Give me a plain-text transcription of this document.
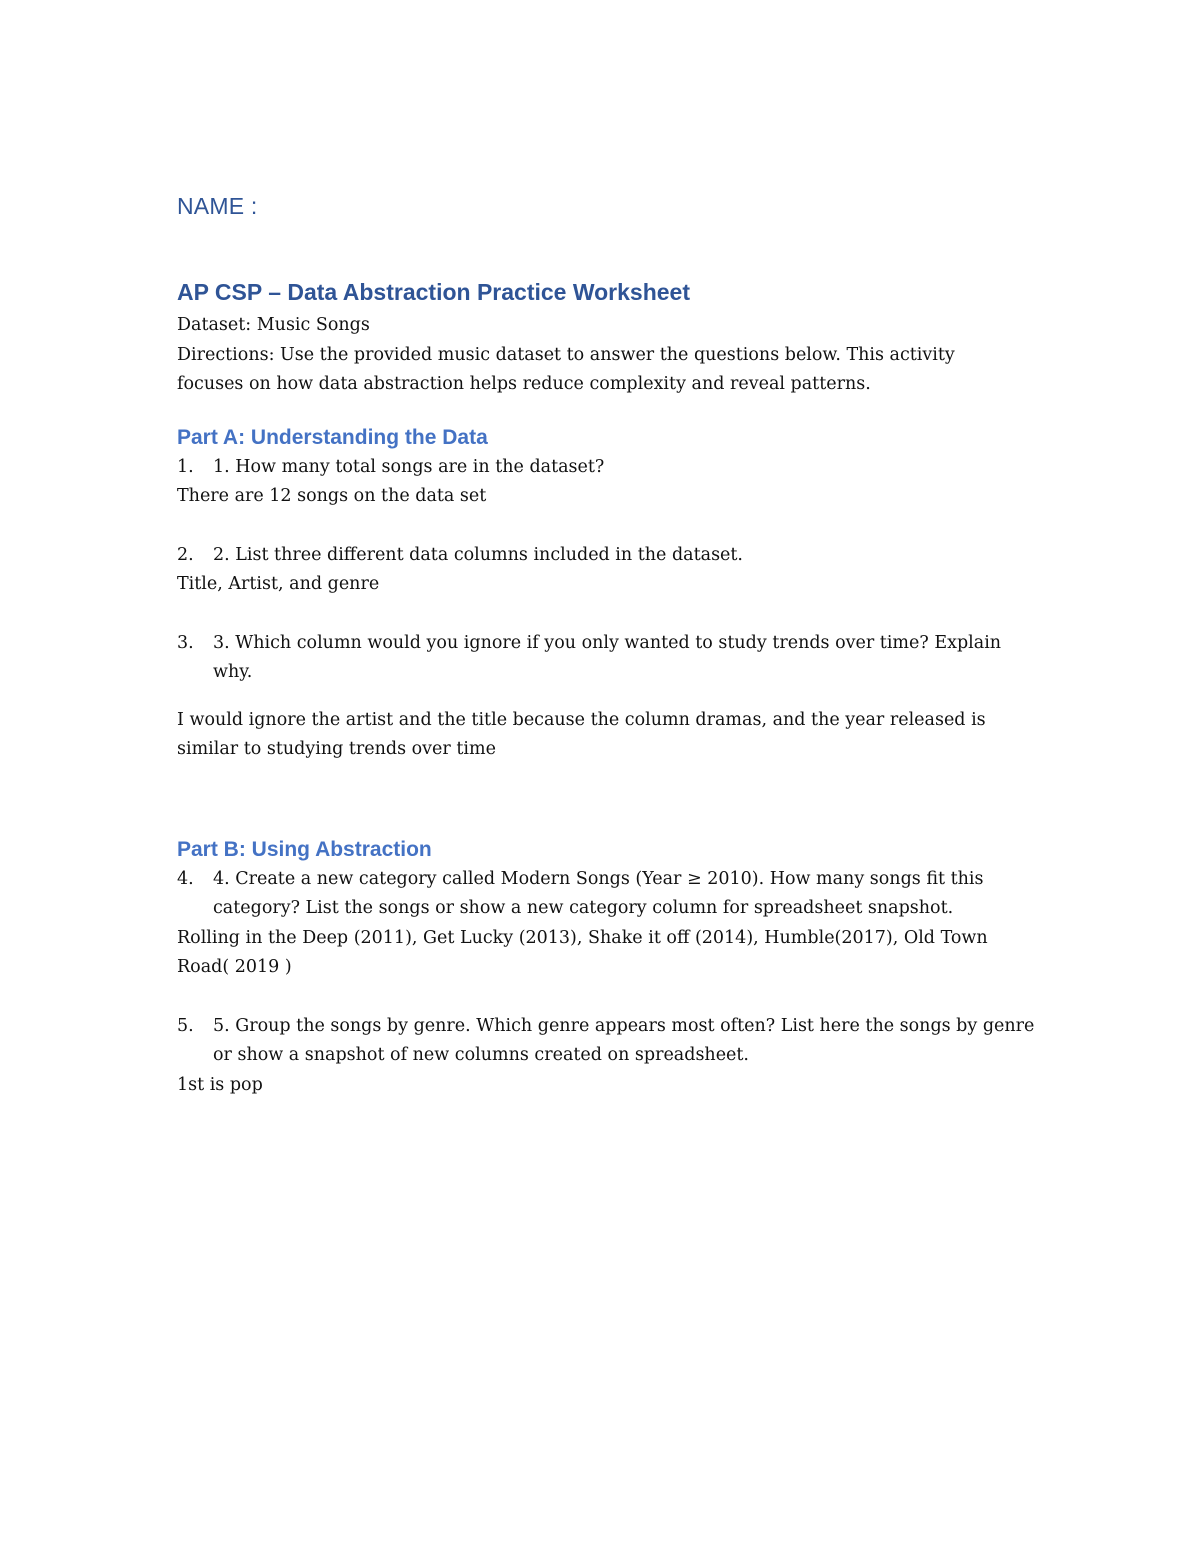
NAME :

AP CSP – Data Abstraction Practice Worksheet

Dataset: Music Songs

Directions: Use the provided music dataset to answer the questions below. This activity

focuses on how data abstraction helps reduce complexity and reveal patterns.

Part A: Understanding the Data

1. 1. How many total songs are in the dataset?

There are 12 songs on the data set

2. 2. List three different data columns included in the dataset.

Title, Artist, and genre

3. 3. Which column would you ignore if you only wanted to study trends over time? Explain why.

I would ignore the artist and the title because the column dramas, and the year released is similar to studying trends over time

Part B: Using Abstraction

4. 4. Create a new category called Modern Songs (Year ≥ 2010). How many songs fit this category? List the songs or show a new category column for spreadsheet snapshot.

Rolling in the Deep (2011), Get Lucky (2013), Shake it off (2014), Humble(2017), Old Town Road( 2019 )

5. 5. Group the songs by genre. Which genre appears most often? List here the songs by genre or show a snapshot of new columns created on spreadsheet.

1st is pop
